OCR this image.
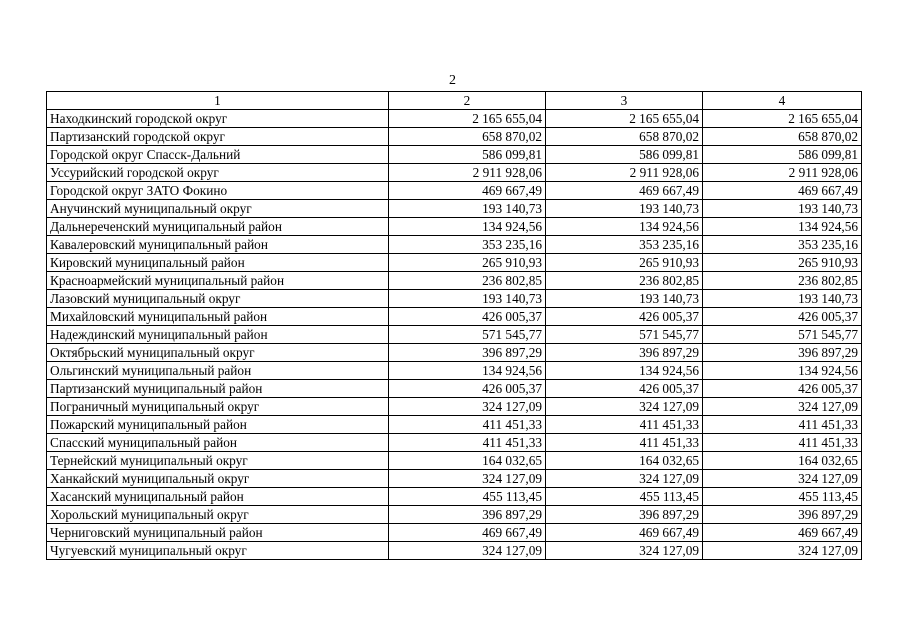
2
1	2	3	4
Находкинский городской округ	2 165 655,04	2 165 655,04	2 165 655,04
Партизанский городской округ	658 870,02	658 870,02	658 870,02
Городской округ Спасск-Дальний	586 099,81	586 099,81	586 099,81
Уссурийский городской округ	2 911 928,06	2 911 928,06	2 911 928,06
Городской округ ЗАТО Фокино	469 667,49	469 667,49	469 667,49
Анучинский муниципальный округ	193 140,73	193 140,73	193 140,73
Дальнереченский муниципальный район	134 924,56	134 924,56	134 924,56
Кавалеровский муниципальный район	353 235,16	353 235,16	353 235,16
Кировский муниципальный район	265 910,93	265 910,93	265 910,93
Красноармейский муниципальный район	236 802,85	236 802,85	236 802,85
Лазовский муниципальный округ	193 140,73	193 140,73	193 140,73
Михайловский муниципальный район	426 005,37	426 005,37	426 005,37
Надеждинский муниципальный район	571 545,77	571 545,77	571 545,77
Октябрьский муниципальный округ	396 897,29	396 897,29	396 897,29
Ольгинский муниципальный район	134 924,56	134 924,56	134 924,56
Партизанский муниципальный район	426 005,37	426 005,37	426 005,37
Пограничный муниципальный округ	324 127,09	324 127,09	324 127,09
Пожарский муниципальный район	411 451,33	411 451,33	411 451,33
Спасский муниципальный район	411 451,33	411 451,33	411 451,33
Тернейский муниципальный округ	164 032,65	164 032,65	164 032,65
Ханкайский муниципальный округ	324 127,09	324 127,09	324 127,09
Хасанский муниципальный район	455 113,45	455 113,45	455 113,45
Хорольский муниципальный округ	396 897,29	396 897,29	396 897,29
Черниговский муниципальный район	469 667,49	469 667,49	469 667,49
Чугуевский муниципальный округ	324 127,09	324 127,09	324 127,09
